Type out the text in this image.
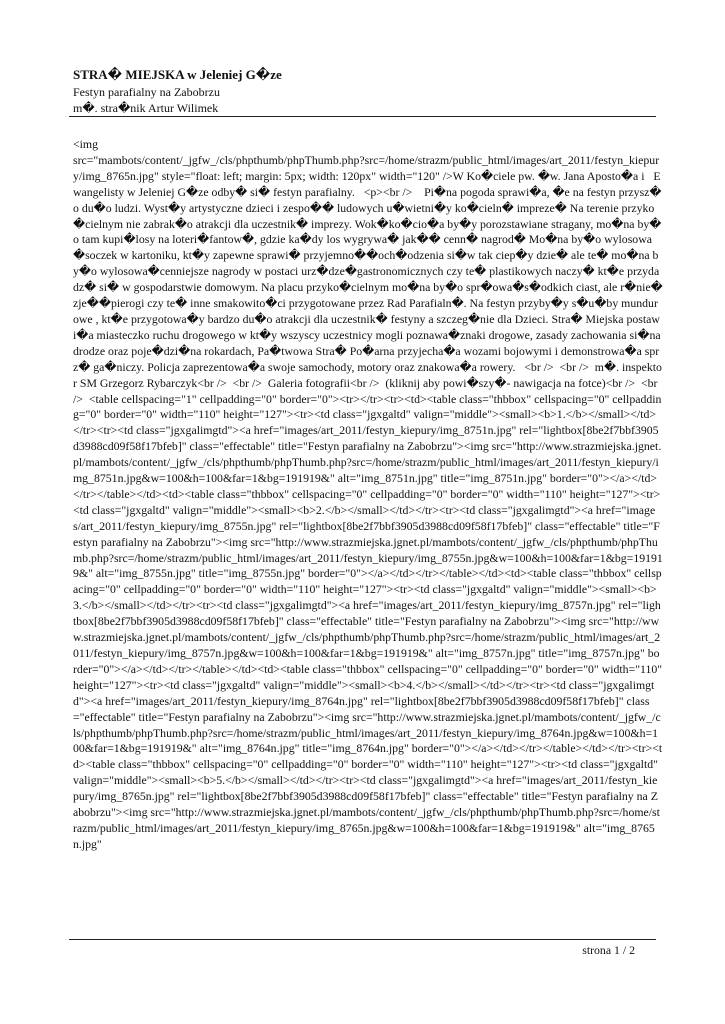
STRA� MIEJSKA w Jeleniej G�ze

Festyn parafialny na Zabobrzu

m�. stra�nik Artur Wilimek

<img
src="mambots/content/_jgfw_/cls/phpthumb/phpThumb.php?src=/home/strazm/public_html/images/art_2011/festyn_kiepury/img_8765n.jpg" style="float: left; margin: 5px; width: 120px" width="120" />W Ko�ciele pw. �w. Jana Aposto�a i   Ewangelisty w Jeleniej G�ze odby� si� festyn parafialny.   <p><br />    Pi�na pogoda sprawi�a, �e na festyn przysz�o du�o ludzi. Wyst�y artystyczne dzieci i zespo�� ludowych u�wietni�y ko�cieln� impreze� Na terenie przyko�cielnym nie zabrak�o atrakcji dla uczestnik� imprezy. Wok�ko�cio�a by�y porozstawiane stragany, mo�na by�o tam kupi�losy na loteri�fantow�, gdzie ka�dy los wygrywa� jak�� cenn� nagrod� Mo�na by�o wylosowa�soczek w kartoniku, kt�y zapewne sprawi� przyjemno��och�odzenia si�w tak ciep�y dzie� ale te� mo�na by�o wylosowa�cenniejsze nagrody w postaci urz�dze�gastronomicznych czy te� plastikowych naczy� kt�e przydadz� si� w gospodarstwie domowym. Na placu przyko�cielnym mo�na by�o spr�owa�s�odkich ciast, ale r�nie� zje��pierogi czy te� inne smakowito�ci przygotowane przez Rad Parafialn�. Na festyn przyby�y s�u�by mundurowe , kt�e przygotowa�y bardzo du�o atrakcji dla uczestnik� festyny a szczeg�nie dla Dzieci. Stra� Miejska postawi�a miasteczko ruchu drogowego w kt�y wszyscy uczestnicy mogli poznawa�znaki drogowe, zasady zachowania si�na drodze oraz poje�dzi�na rokardach, Pa�twowa Stra� Po�arna przyjecha�a wozami bojowymi i demonstrowa�a sprz� ga�niczy. Policja zaprezentowa�a swoje samochody, motory oraz znakowa�a rowery.   <br />  <br />  m�. inspektor SM Grzegorz Rybarczyk<br />  <br />  Galeria fotografii<br />  (kliknij aby powi�szy�- nawigacja na fotce)<br />  <br />  <table cellspacing="1" cellpadding="0" border="0"><tr></tr><tr><td><table class="thbbox" cellspacing="0" cellpadding="0" border="0" width="110" height="127"><tr><td class="jgxgaltd" valign="middle"><small><b>1.</b></small></td></tr><tr><td class="jgxgalimgtd"><a href="images/art_2011/festyn_kiepury/img_8751n.jpg" rel="lightbox[8be2f7bbf3905d3988cd09f58f17bfeb]" class="effectable" title="Festyn parafialny na Zabobrzu"><img src="http://www.strazmiejska.jgnet.pl/mambots/content/_jgfw_/cls/phpthumb/phpThumb.php?src=/home/strazm/public_html/images/art_2011/festyn_kiepury/img_8751n.jpg&w=100&h=100&far=1&bg=191919&" alt="img_8751n.jpg" title="img_8751n.jpg" border="0"></a></td></tr></table></td><td><table class="thbbox" cellspacing="0" cellpadding="0" border="0" width="110" height="127"><tr><td class="jgxgaltd" valign="middle"><small><b>2.</b></small></td></tr><tr><td class="jgxgalimgtd"><a href="images/art_2011/festyn_kiepury/img_8755n.jpg" rel="lightbox[8be2f7bbf3905d3988cd09f58f17bfeb]" class="effectable" title="Festyn parafialny na Zabobrzu"><img src="http://www.strazmiejska.jgnet.pl/mambots/content/_jgfw_/cls/phpthumb/phpThumb.php?src=/home/strazm/public_html/images/art_2011/festyn_kiepury/img_8755n.jpg&w=100&h=100&far=1&bg=191919&" alt="img_8755n.jpg" title="img_8755n.jpg" border="0"></a></td></tr></table></td><td><table class="thbbox" cellspacing="0" cellpadding="0" border="0" width="110" height="127"><tr><td class="jgxgaltd" valign="middle"><small><b>3.</b></small></td></tr><tr><td class="jgxgalimgtd"><a href="images/art_2011/festyn_kiepury/img_8757n.jpg" rel="lightbox[8be2f7bbf3905d3988cd09f58f17bfeb]" class="effectable" title="Festyn parafialny na Zabobrzu"><img src="http://www.strazmiejska.jgnet.pl/mambots/content/_jgfw_/cls/phpthumb/phpThumb.php?src=/home/strazm/public_html/images/art_2011/festyn_kiepury/img_8757n.jpg&w=100&h=100&far=1&bg=191919&" alt="img_8757n.jpg" title="img_8757n.jpg" border="0"></a></td></tr></table></td><td><table class="thbbox" cellspacing="0" cellpadding="0" border="0" width="110" height="127"><tr><td class="jgxgaltd" valign="middle"><small><b>4.</b></small></td></tr><tr><td class="jgxgalimgtd"><a href="images/art_2011/festyn_kiepury/img_8764n.jpg" rel="lightbox[8be2f7bbf3905d3988cd09f58f17bfeb]" class="effectable" title="Festyn parafialny na Zabobrzu"><img src="http://www.strazmiejska.jgnet.pl/mambots/content/_jgfw_/cls/phpthumb/phpThumb.php?src=/home/strazm/public_html/images/art_2011/festyn_kiepury/img_8764n.jpg&w=100&h=100&far=1&bg=191919&" alt="img_8764n.jpg" title="img_8764n.jpg" border="0"></a></td></tr></table></td></tr><tr><td><table class="thbbox" cellspacing="0" cellpadding="0" border="0" width="110" height="127"><tr><td class="jgxgaltd" valign="middle"><small><b>5.</b></small></td></tr><tr><td class="jgxgalimgtd"><a href="images/art_2011/festyn_kiepury/img_8765n.jpg" rel="lightbox[8be2f7bbf3905d3988cd09f58f17bfeb]" class="effectable" title="Festyn parafialny na Zabobrzu"><img src="http://www.strazmiejska.jgnet.pl/mambots/content/_jgfw_/cls/phpthumb/phpThumb.php?src=/home/strazm/public_html/images/art_2011/festyn_kiepury/img_8765n.jpg&w=100&h=100&far=1&bg=191919&" alt="img_8765n.jpg"

strona 1 / 2
